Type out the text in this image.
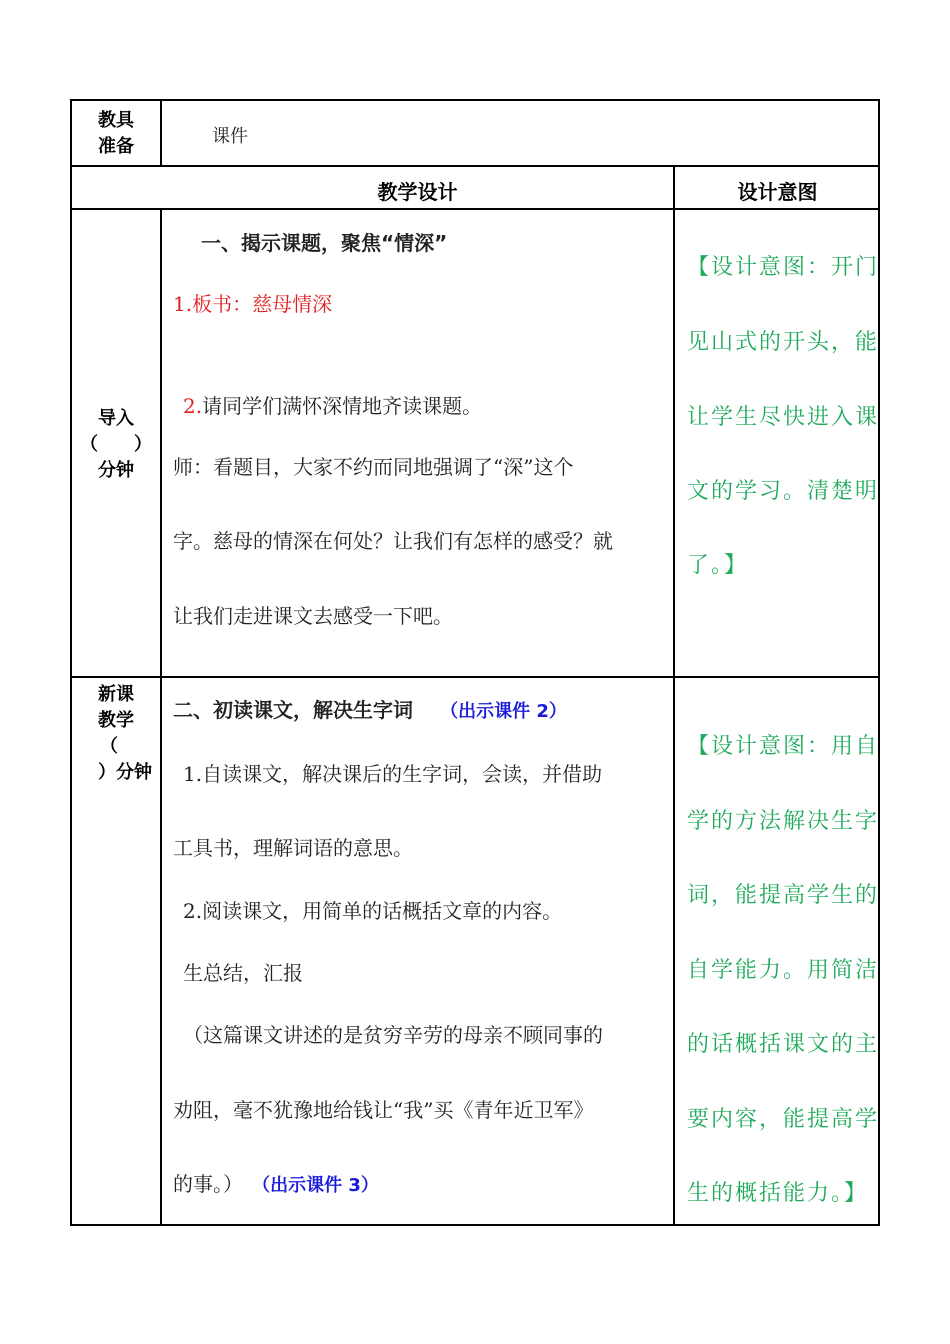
教具
准备	课件
教学设计	设计意图
导入
（　　）
分钟
一、揭示课题，聚焦“情深”
1.板书：慈母情深
2.请同学们满怀深情地齐读课题。
师：看题目，大家不约而同地强调了“深”这个
字。慈母的情深在何处？让我们有怎样的感受？就
让我们走进课文去感受一下吧。
【设计意图：开门
见山式的开头，能
让学生尽快进入课
文的学习。清楚明
了。】
新课
教学
（
）分钟
二、初读课文，解决生字词 （出示课件 2）
1.自读课文，解决课后的生字词，会读，并借助
工具书，理解词语的意思。
2.阅读课文，用简单的话概括文章的内容。
生总结，汇报
（这篇课文讲述的是贫穷辛劳的母亲不顾同事的
劝阻，毫不犹豫地给钱让“我”买《青年近卫军》
的事。） （出示课件 3）
【设计意图：用自
学的方法解决生字
词，能提高学生的
自学能力。用简洁
的话概括课文的主
要内容，能提高学
生的概括能力。】
